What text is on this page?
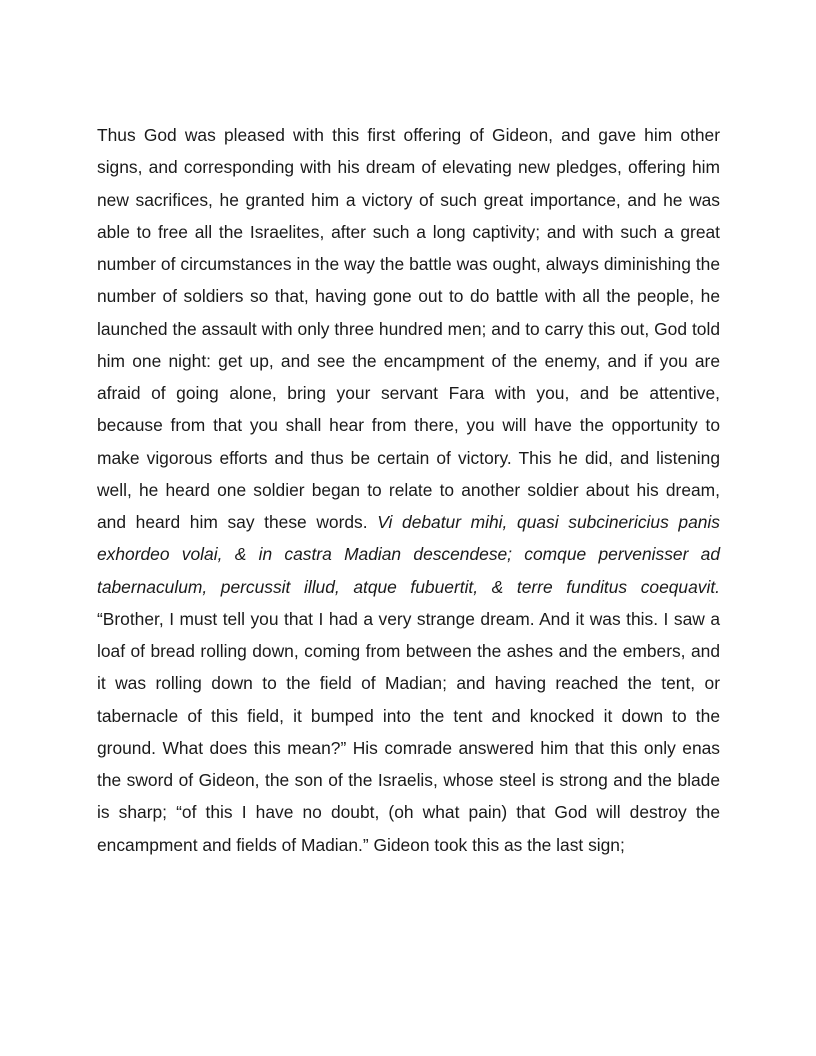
Thus God was pleased with this first offering of Gideon, and gave him other signs, and corresponding with his dream of elevating new pledges, offering him new sacrifices, he granted him a victory of such great importance, and he was able to free all the Israelites, after such a long captivity; and with such a great number of circumstances in the way the battle was ought, always diminishing the number of soldiers so that, having gone out to do battle with all the people, he launched the assault with only three hundred men; and to carry this out, God told him one night: get up, and see the encampment of the enemy, and if you are afraid of going alone, bring your servant Fara with you, and be attentive, because from that you shall hear from there, you will have the opportunity to make vigorous efforts and thus be certain of victory. This he did, and listening well, he heard one soldier began to relate to another soldier about his dream, and heard him say these words. Vi debatur mihi, quasi subcinericius panis exhordeo volai, & in castra Madian descendese; comque pervenisser ad tabernaculum, percussit illud, atque fubuertit, & terre funditus coequavit. “Brother, I must tell you that I had a very strange dream. And it was this. I saw a loaf of bread rolling down, coming from between the ashes and the embers, and it was rolling down to the field of Madian; and having reached the tent, or tabernacle of this field, it bumped into the tent and knocked it down to the ground. What does this mean?” His comrade answered him that this only enas the sword of Gideon, the son of the Israelis, whose steel is strong and the blade is sharp; “of this I have no doubt, (oh what pain) that God will destroy the encampment and fields of Madian.” Gideon took this as the last sign;
